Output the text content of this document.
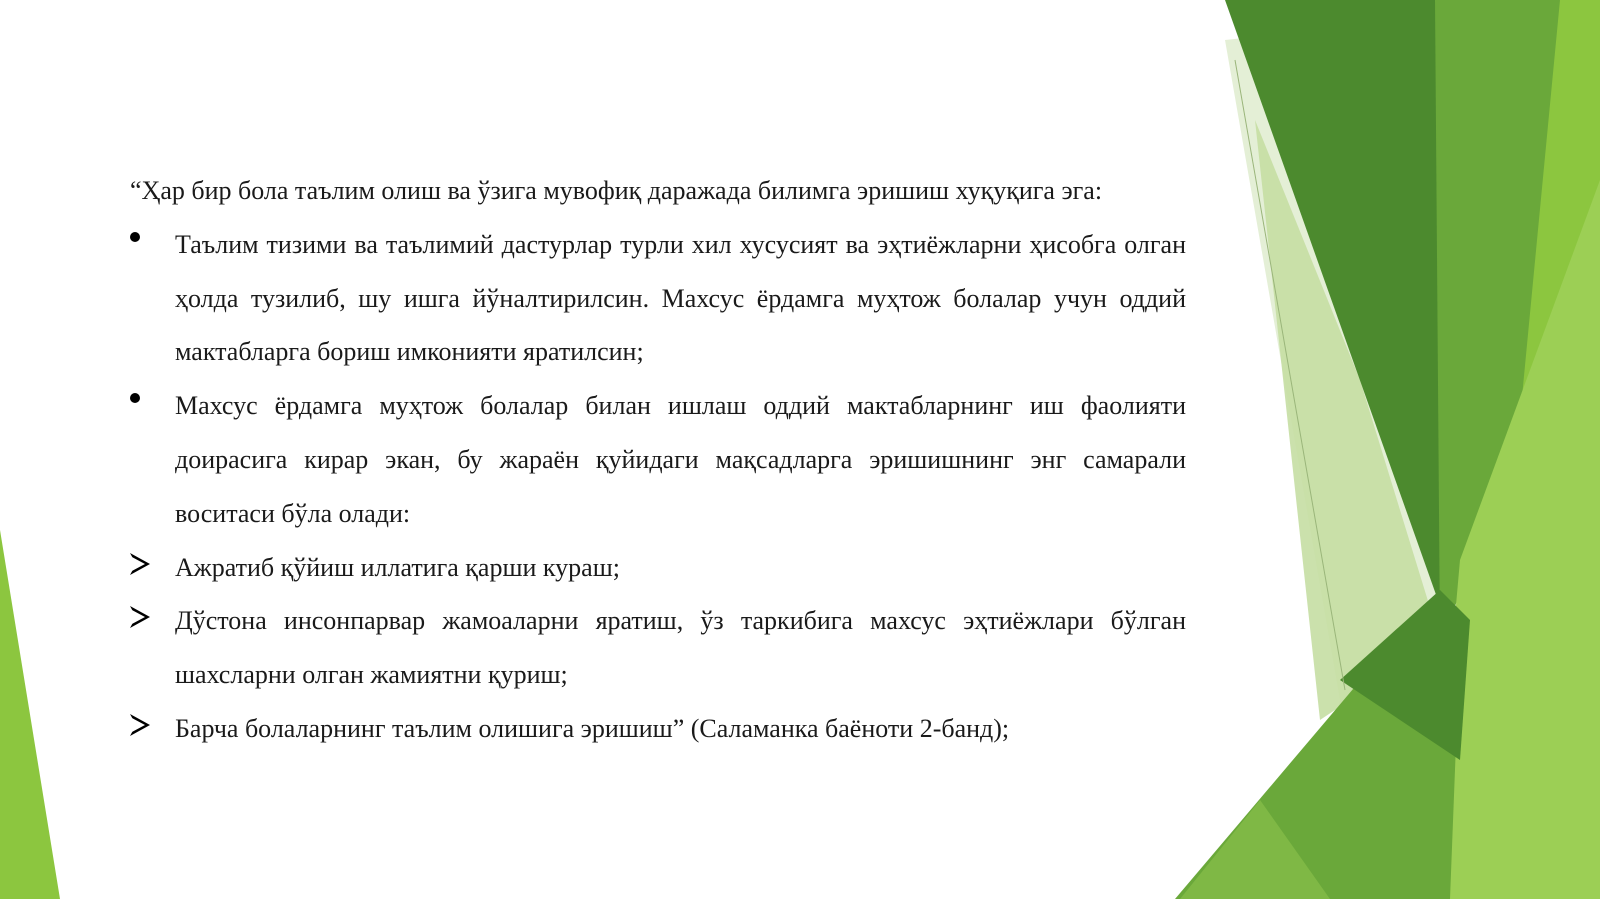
“Ҳар бир бола таълим олиш ва ўзига мувофиқ даражада билимга эришиш хуқуқига эга:

Таълим тизими ва таълимий дастурлар турли хил хусусият ва эҳтиёжларни ҳисобга олган ҳолда тузилиб, шу ишга йўналтирилсин. Махсус ёрдамга муҳтож болалар учун оддий мактабларга бориш имконияти яратилсин;
Махсус ёрдамга муҳтож болалар билан ишлаш оддий мактабларнинг иш фаолияти доирасига кирар экан, бу жараён қуйидаги мақсадларга эришишнинг энг самарали воситаси бўла олади:
Ажратиб қўйиш иллатига қарши кураш;
Дўстона инсонпарвар жамоаларни яратиш, ўз таркибига махсус эҳтиёжлари бўлган шахсларни олган жамиятни қуриш;
Барча болаларнинг таълим олишига эришиш” (Саламанка баёноти 2-банд);
